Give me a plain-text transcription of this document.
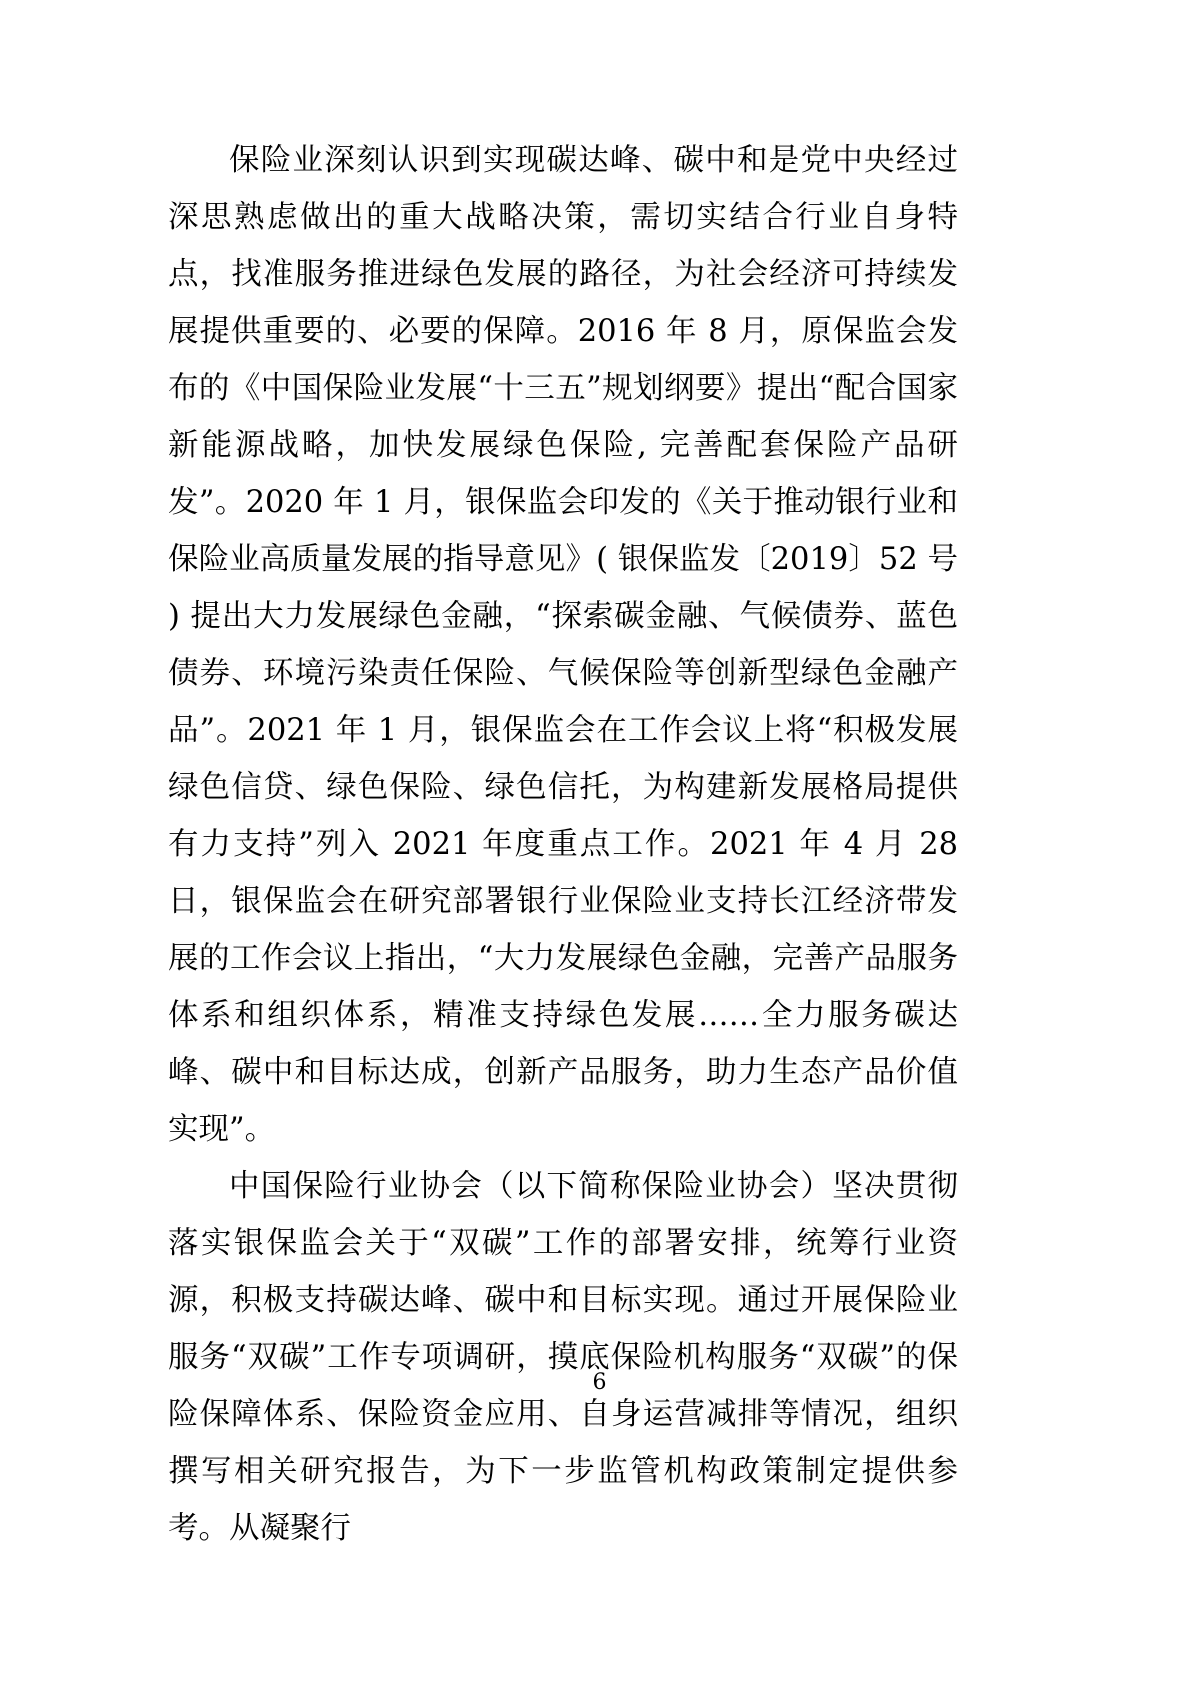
保险业深刻认识到实现碳达峰、碳中和是党中央经过深思熟虑做出的重大战略决策，需切实结合行业自身特点，找准服务推进绿色发展的路径，为社会经济可持续发展提供重要的、必要的保障。2016 年 8 月，原保监会发布的《中国保险业发展“十三五”规划纲要》提出“配合国家新能源战略，加快发展绿色保险, 完善配套保险产品研发”。2020 年 1 月，银保监会印发的《关于推动银行业和保险业高质量发展的指导意见》( 银保监发〔2019〕52 号 ) 提出大力发展绿色金融，“探索碳金融、气候债券、蓝色债券、环境污染责任保险、气候保险等创新型绿色金融产品”。2021 年 1 月，银保监会在工作会议上将“积极发展绿色信贷、绿色保险、绿色信托，为构建新发展格局提供有力支持”列入 2021 年度重点工作。2021 年 4 月 28 日，银保监会在研究部署银行业保险业支持长江经济带发展的工作会议上指出，“大力发展绿色金融，完善产品服务体系和组织体系，精准支持绿色发展……全力服务碳达峰、碳中和目标达成，创新产品服务，助力生态产品价值实现”。

中国保险行业协会（以下简称保险业协会）坚决贯彻落实银保监会关于“双碳”工作的部署安排，统筹行业资源，积极支持碳达峰、碳中和目标实现。通过开展保险业服务“双碳”工作专项调研，摸底保险机构服务“双碳”的保险保障体系、保险资金应用、自身运营减排等情况，组织撰写相关研究报告，为下一步监管机构政策制定提供参考。从凝聚行

6
